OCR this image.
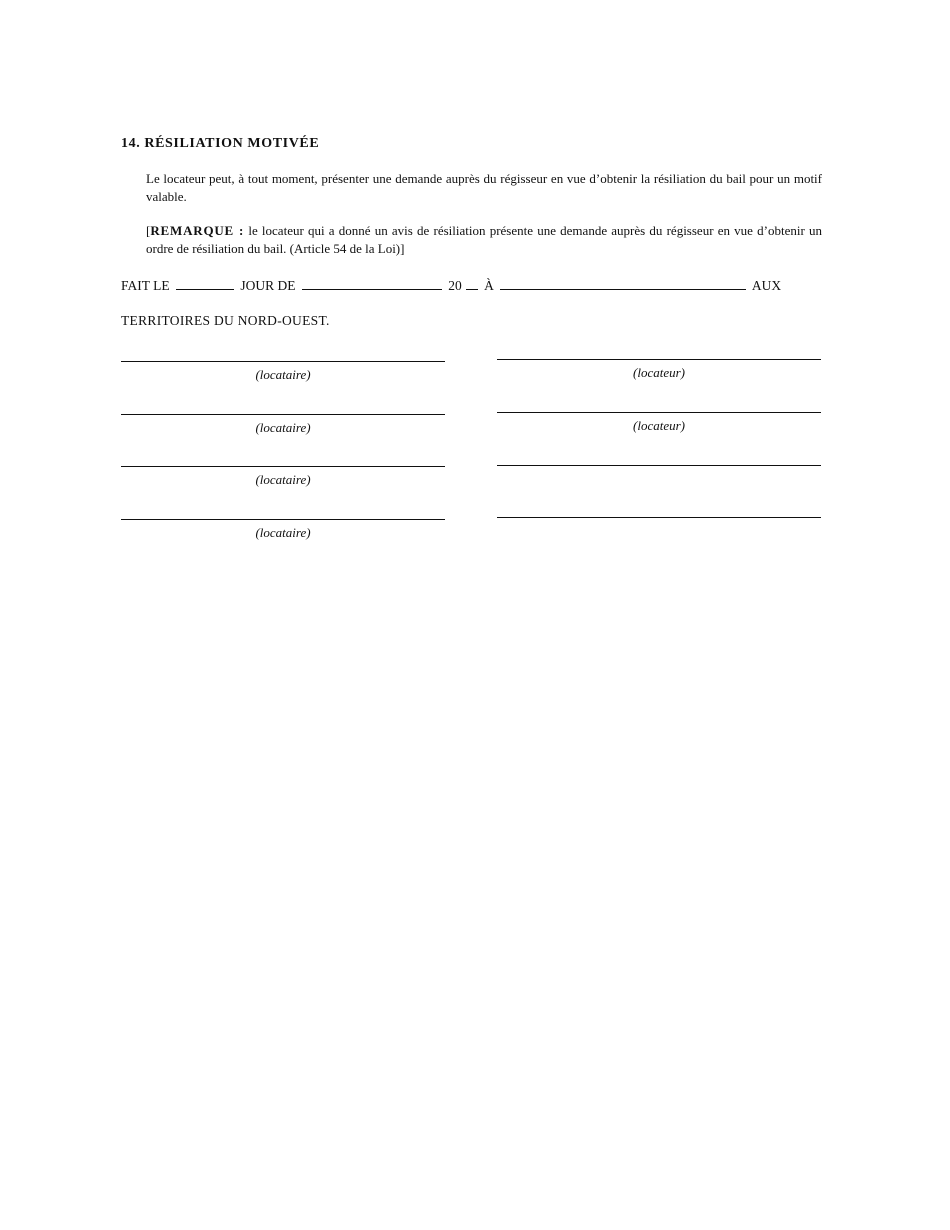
14. RÉSILIATION MOTIVÉE
Le locateur peut, à tout moment, présenter une demande auprès du régisseur en vue d’obtenir la résiliation du bail pour un motif valable.
[REMARQUE : le locateur qui a donné un avis de résiliation présente une demande auprès du régisseur en vue d’obtenir un ordre de résiliation du bail. (Article 54 de la Loi)]
FAIT LE	JOUR DE	20 À	AUX
TERRITOIRES DU NORD-OUEST.
(locataire)
(locataire)
(locataire)
(locataire)
(locateur)
(locateur)
